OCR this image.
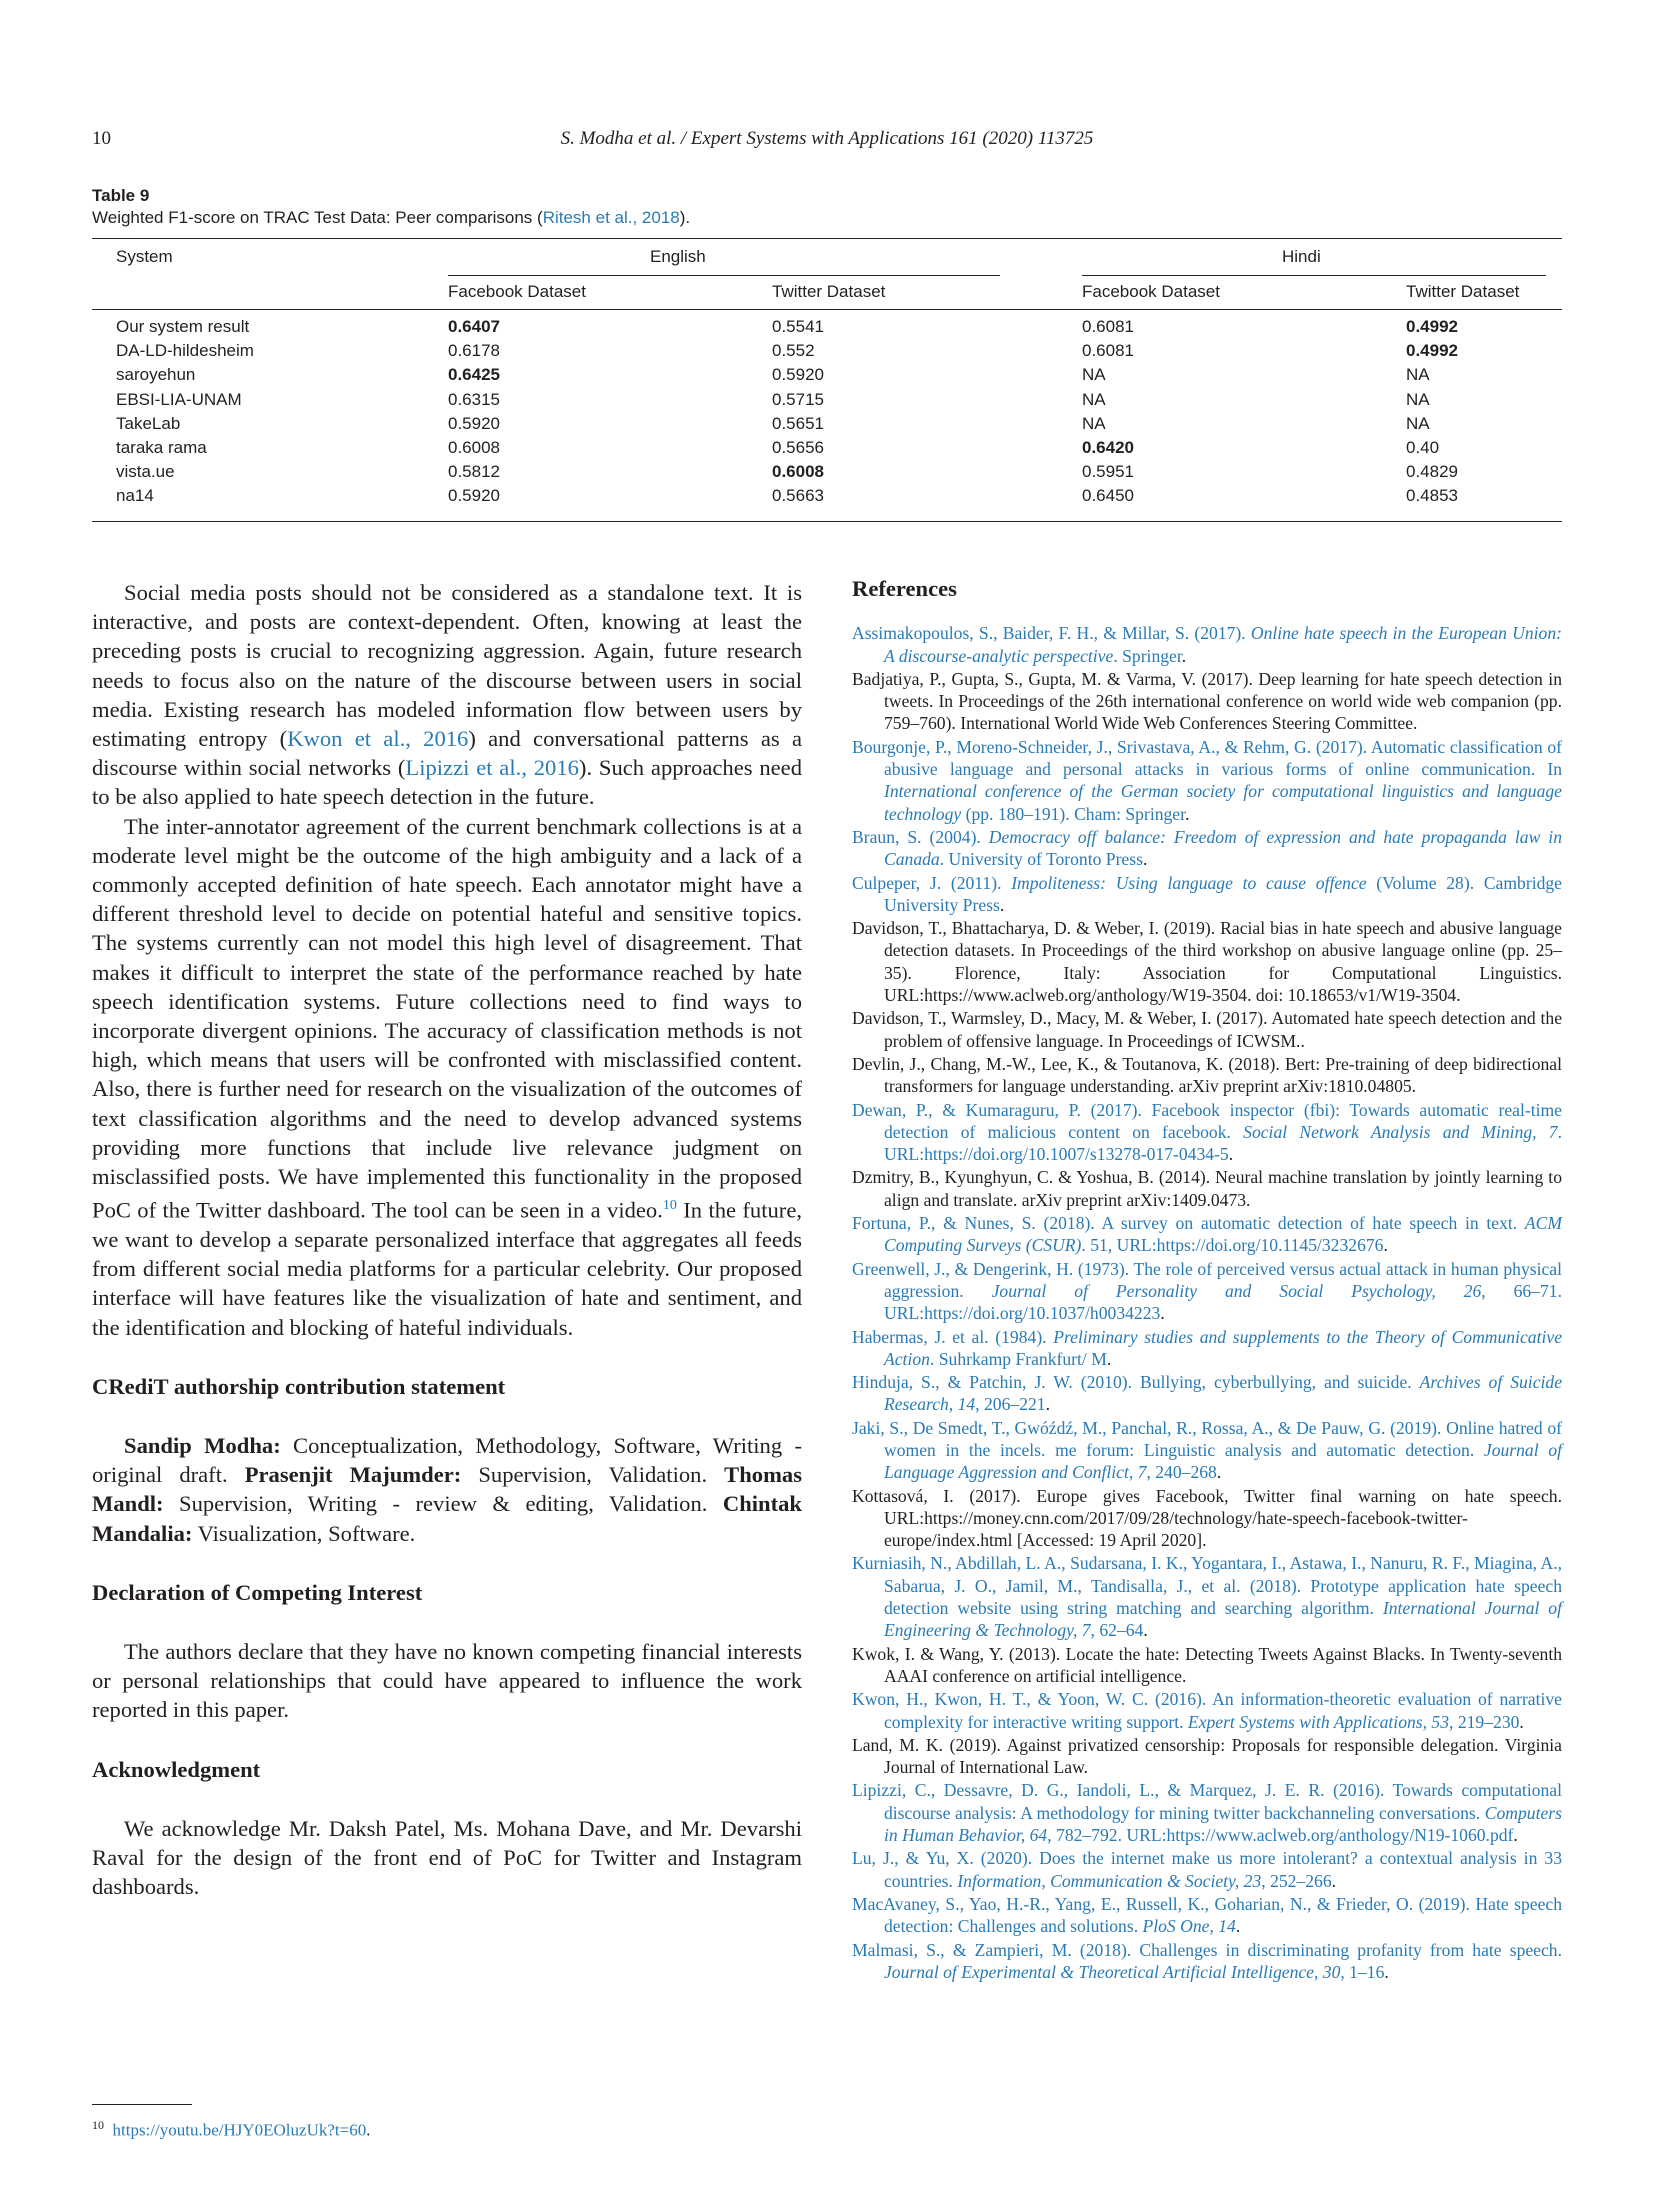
10	S. Modha et al. / Expert Systems with Applications 161 (2020) 113725
Table 9
Weighted F1-score on TRAC Test Data: Peer comparisons (Ritesh et al., 2018).
System	English	Hindi
Facebook Dataset	Twitter Dataset	Facebook Dataset	Twitter Dataset
Our system result	0.6407	0.5541	0.6081	0.4992
DA-LD-hildesheim	0.6178	0.552	0.6081	0.4992
saroyehun	0.6425	0.5920	NA	NA
EBSI-LIA-UNAM	0.6315	0.5715	NA	NA
TakeLab	0.5920	0.5651	NA	NA
taraka rama	0.6008	0.5656	0.6420	0.40
vista.ue	0.5812	0.6008	0.5951	0.4829
na14	0.5920	0.5663	0.6450	0.4853

Social media posts should not be considered as a standalone text. It is interactive, and posts are context-dependent. Often, knowing at least the preceding posts is crucial to recognizing aggression. Again, future research needs to focus also on the nature of the discourse between users in social media. Existing research has modeled information flow between users by estimating entropy (Kwon et al., 2016) and conversational patterns as a discourse within social networks (Lipizzi et al., 2016). Such approaches need to be also applied to hate speech detection in the future.

The inter-annotator agreement of the current benchmark collections is at a moderate level might be the outcome of the high ambiguity and a lack of a commonly accepted definition of hate speech. Each annotator might have a different threshold level to decide on potential hateful and sensitive topics. The systems currently can not model this high level of disagreement. That makes it difficult to interpret the state of the performance reached by hate speech identification systems. Future collections need to find ways to incorporate divergent opinions. The accuracy of classification methods is not high, which means that users will be confronted with misclassified content. Also, there is further need for research on the visualization of the outcomes of text classification algorithms and the need to develop advanced systems providing more functions that include live relevance judgment on misclassified posts. We have implemented this functionality in the proposed PoC of the Twitter dashboard. The tool can be seen in a video.$^{10}$ In the future, we want to develop a separate personalized interface that aggregates all feeds from different social media platforms for a particular celebrity. Our proposed interface will have features like the visualization of hate and sentiment, and the identification and blocking of hateful individuals.

CRediT authorship contribution statement

Sandip Modha: Conceptualization, Methodology, Software, Writing - original draft. Prasenjit Majumder: Supervision, Validation. Thomas Mandl: Supervision, Writing - review & editing, Validation. Chintak Mandalia: Visualization, Software.

Declaration of Competing Interest

The authors declare that they have no known competing financial interests or personal relationships that could have appeared to influence the work reported in this paper.

Acknowledgment

We acknowledge Mr. Daksh Patel, Ms. Mohana Dave, and Mr. Devarshi Raval for the design of the front end of PoC for Twitter and Instagram dashboards.

$^{10}$ https://youtu.be/HJY0EOluzUk?t=60.
References

Assimakopoulos, S., Baider, F. H., & Millar, S. (2017). Online hate speech in the European Union: A discourse-analytic perspective. Springer.

Badjatiya, P., Gupta, S., Gupta, M. & Varma, V. (2017). Deep learning for hate speech detection in tweets. In Proceedings of the 26th international conference on world wide web companion (pp. 759–760). International World Wide Web Conferences Steering Committee.

Bourgonje, P., Moreno-Schneider, J., Srivastava, A., & Rehm, G. (2017). Automatic classification of abusive language and personal attacks in various forms of online communication. In International conference of the German society for computational linguistics and language technology (pp. 180–191). Cham: Springer.

Braun, S. (2004). Democracy off balance: Freedom of expression and hate propaganda law in Canada. University of Toronto Press.

Culpeper, J. (2011). Impoliteness: Using language to cause offence (Volume 28). Cambridge University Press.

Davidson, T., Bhattacharya, D. & Weber, I. (2019). Racial bias in hate speech and abusive language detection datasets. In Proceedings of the third workshop on abusive language online (pp. 25–35). Florence, Italy: Association for Computational Linguistics. URL:https://www.aclweb.org/anthology/W19-3504. doi: 10.18653/v1/W19-3504.

Davidson, T., Warmsley, D., Macy, M. & Weber, I. (2017). Automated hate speech detection and the problem of offensive language. In Proceedings of ICWSM..

Devlin, J., Chang, M.-W., Lee, K., & Toutanova, K. (2018). Bert: Pre-training of deep bidirectional transformers for language understanding. arXiv preprint arXiv:1810.04805.

Dewan, P., & Kumaraguru, P. (2017). Facebook inspector (fbi): Towards automatic real-time detection of malicious content on facebook. Social Network Analysis and Mining, 7. URL:https://doi.org/10.1007/s13278-017-0434-5.

Dzmitry, B., Kyunghyun, C. & Yoshua, B. (2014). Neural machine translation by jointly learning to align and translate. arXiv preprint arXiv:1409.0473.

Fortuna, P., & Nunes, S. (2018). A survey on automatic detection of hate speech in text. ACM Computing Surveys (CSUR). 51, URL:https://doi.org/10.1145/3232676.

Greenwell, J., & Dengerink, H. (1973). The role of perceived versus actual attack in human physical aggression. Journal of Personality and Social Psychology, 26, 66–71. URL:https://doi.org/10.1037/h0034223.

Habermas, J. et al. (1984). Preliminary studies and supplements to the Theory of Communicative Action. Suhrkamp Frankfurt/ M.

Hinduja, S., & Patchin, J. W. (2010). Bullying, cyberbullying, and suicide. Archives of Suicide Research, 14, 206–221.

Jaki, S., De Smedt, T., Gwóźdź, M., Panchal, R., Rossa, A., & De Pauw, G. (2019). Online hatred of women in the incels. me forum: Linguistic analysis and automatic detection. Journal of Language Aggression and Conflict, 7, 240–268.

Kottasová, I. (2017). Europe gives Facebook, Twitter final warning on hate speech. URL:https://money.cnn.com/2017/09/28/technology/hate-speech-facebook-twitter-europe/index.html [Accessed: 19 April 2020].

Kurniasih, N., Abdillah, L. A., Sudarsana, I. K., Yogantara, I., Astawa, I., Nanuru, R. F., Miagina, A., Sabarua, J. O., Jamil, M., Tandisalla, J., et al. (2018). Prototype application hate speech detection website using string matching and searching algorithm. International Journal of Engineering & Technology, 7, 62–64.

Kwok, I. & Wang, Y. (2013). Locate the hate: Detecting Tweets Against Blacks. In Twenty-seventh AAAI conference on artificial intelligence.

Kwon, H., Kwon, H. T., & Yoon, W. C. (2016). An information-theoretic evaluation of narrative complexity for interactive writing support. Expert Systems with Applications, 53, 219–230.

Land, M. K. (2019). Against privatized censorship: Proposals for responsible delegation. Virginia Journal of International Law.

Lipizzi, C., Dessavre, D. G., Iandoli, L., & Marquez, J. E. R. (2016). Towards computational discourse analysis: A methodology for mining twitter backchanneling conversations. Computers in Human Behavior, 64, 782–792. URL:https://www.aclweb.org/anthology/N19-1060.pdf.

Lu, J., & Yu, X. (2020). Does the internet make us more intolerant? a contextual analysis in 33 countries. Information, Communication & Society, 23, 252–266.

MacAvaney, S., Yao, H.-R., Yang, E., Russell, K., Goharian, N., & Frieder, O. (2019). Hate speech detection: Challenges and solutions. PloS One, 14.

Malmasi, S., & Zampieri, M. (2018). Challenges in discriminating profanity from hate speech. Journal of Experimental & Theoretical Artificial Intelligence, 30, 1–16.
